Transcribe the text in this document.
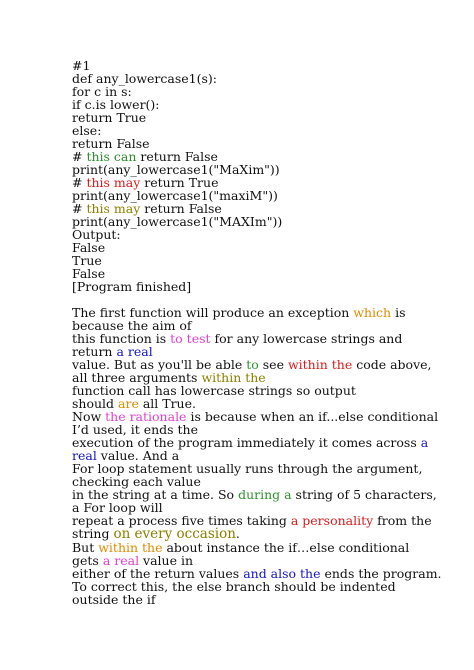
#1
def any_lowercase1(s):
for c in s:
if c.is lower():
return True
else:
return False
# this can return False
print(any_lowercase1("MaXim"))
# this may return True
print(any_lowercase1("maxiM"))
# this may return False
print(any_lowercase1("MAXIm"))
Output:
False
True
False
[Program finished]
The first function will produce an exception which is
because the aim of
this function is to test for any lowercase strings and
return a real
value. But as you'll be able to see within the code above,
all three arguments within the
function call has lowercase strings so output
should are all True.
Now the rationale is because when an if...else conditional
I’d used, it ends the
execution of the program immediately it comes across a
real value. And a
For loop statement usually runs through the argument,
checking each value
in the string at a time. So during a string of 5 characters,
a For loop will
repeat a process five times taking a personality from the
string on every occasion.
But within the about instance the if…else conditional
gets a real value in
either of the return values and also the ends the program.
To correct this, the else branch should be indented
outside the if
